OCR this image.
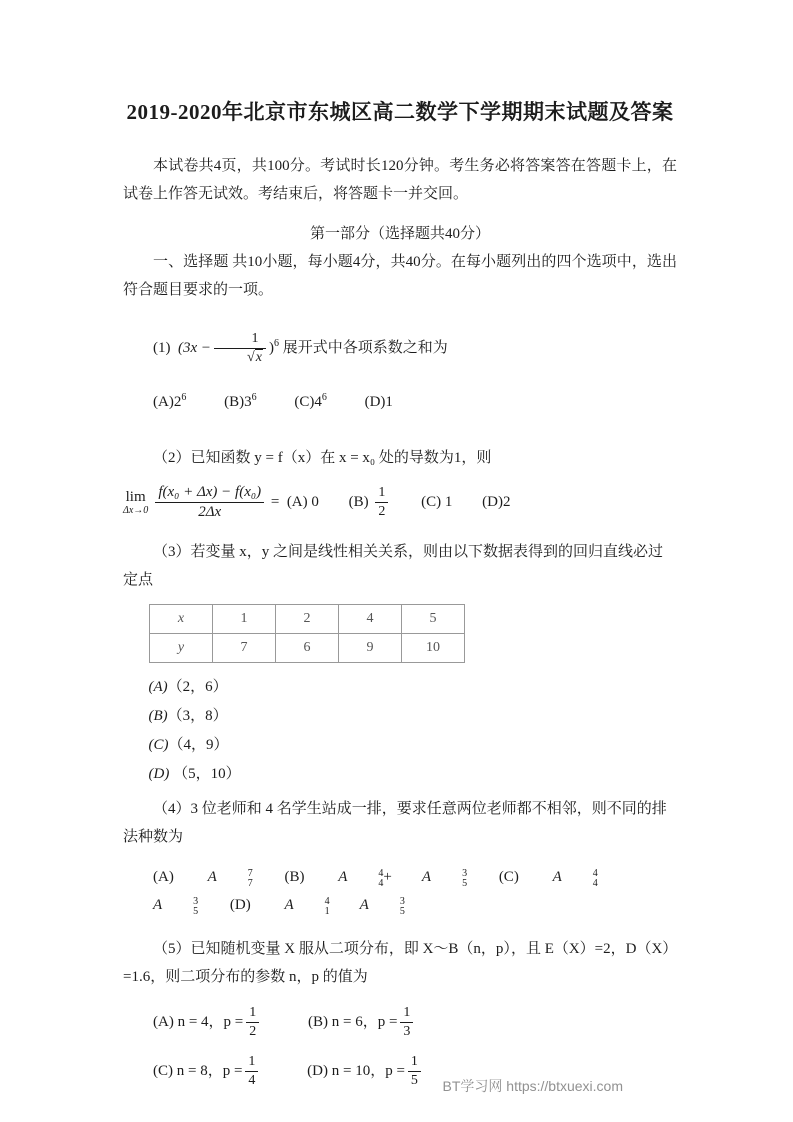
2019-2020年北京市东城区高二数学下学期期末试题及答案

本试卷共4页，共100分。考试时长120分钟。考生务必将答案答在答题卡上，在试卷上作答无试效。考结束后，将答题卡一并交回。

第一部分（选择题共40分）

一、选择题 共10小题，每小题4分，共40分。在每小题列出的四个选项中，选出符合题目要求的一项。

(1) $(3x - \frac{1}{√x} )^6$ 展开式中各项系数之和为
$(A)2^6$	$(B)3^6$	$(C)4^6$	(D)1
（2）已知函数 y = f（x）在 x = x₀ 处的导数为1，则
lim
$\Delta x\to 0 \frac{\text{f(x₀ + Δx) − f(x₀)}}{2\Delta x} = (A)$ 0 $(B) \frac{1}{2} (C)$ 1 (D)2
（3）若变量 x，y 之间是线性相关关系，则由以下数据表得到的回归直线必过定点
x	1	2	4	5
y	7	6	9	10
(A)（2，6）
(B)（3，8）
(C)（4，9）
(D) （5，10）
（4）3 位老师和 4 名学生站成一排，要求任意两位老师都不相邻，则不同的排法种数为
(A) A	7
7 (B) A	4
4 + A	3
5 (C) A	4
4
A	3
5 (D) A	4
1 A	3
5
（5）已知随机变量 X 服从二项分布，即 X～B（n，p），且 E（X）=2，D（X）=1.6，则二项分布的参数 n，p 的值为
(A) n = 4，$p = \frac{1}{2}$	(B) n = 6，$p = \frac{1}{3}$
(C) n = 8，$p = \frac{1}{4}$	(D) n = 10，$p = \frac{1}{5}$ BT学习网 https://btxuexi.com
